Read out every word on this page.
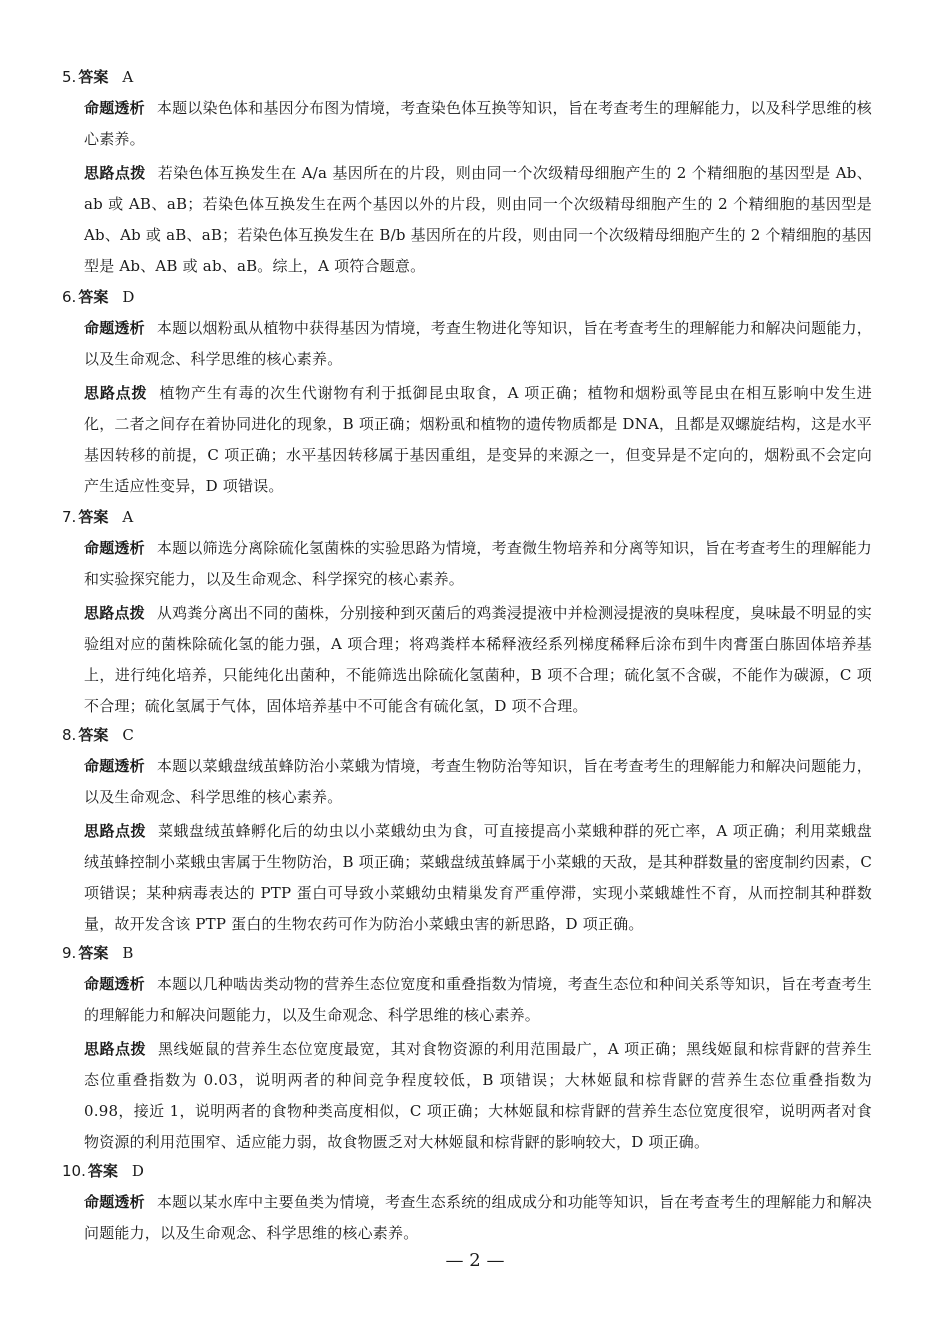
5. 答案 A
命题透析 本题以染色体和基因分布图为情境，考查染色体互换等知识，旨在考查考生的理解能力，以及科学思维的核心素养。
思路点拨 若染色体互换发生在 A/a 基因所在的片段，则由同一个次级精母细胞产生的 2 个精细胞的基因型是 Ab、ab 或 AB、aB；若染色体互换发生在两个基因以外的片段，则由同一个次级精母细胞产生的 2 个精细胞的基因型是 Ab、Ab 或 aB、aB；若染色体互换发生在 B/b 基因所在的片段，则由同一个次级精母细胞产生的 2 个精细胞的基因型是 Ab、AB 或 ab、aB。综上，A 项符合题意。
6. 答案 D
命题透析 本题以烟粉虱从植物中获得基因为情境，考查生物进化等知识，旨在考查考生的理解能力和解决问题能力，以及生命观念、科学思维的核心素养。
思路点拨 植物产生有毒的次生代谢物有利于抵御昆虫取食，A 项正确；植物和烟粉虱等昆虫在相互影响中发生进化，二者之间存在着协同进化的现象，B 项正确；烟粉虱和植物的遗传物质都是 DNA，且都是双螺旋结构，这是水平基因转移的前提，C 项正确；水平基因转移属于基因重组，是变异的来源之一，但变异是不定向的，烟粉虱不会定向产生适应性变异，D 项错误。
7. 答案 A
命题透析 本题以筛选分离除硫化氢菌株的实验思路为情境，考查微生物培养和分离等知识，旨在考查考生的理解能力和实验探究能力，以及生命观念、科学探究的核心素养。
思路点拨 从鸡粪分离出不同的菌株，分别接种到灭菌后的鸡粪浸提液中并检测浸提液的臭味程度，臭味最不明显的实验组对应的菌株除硫化氢的能力强，A 项合理；将鸡粪样本稀释液经系列梯度稀释后涂布到牛肉膏蛋白胨固体培养基上，进行纯化培养，只能纯化出菌种，不能筛选出除硫化氢菌种，B 项不合理；硫化氢不含碳，不能作为碳源，C 项不合理；硫化氢属于气体，固体培养基中不可能含有硫化氢，D 项不合理。
8. 答案 C
命题透析 本题以菜蛾盘绒茧蜂防治小菜蛾为情境，考查生物防治等知识，旨在考查考生的理解能力和解决问题能力，以及生命观念、科学思维的核心素养。
思路点拨 菜蛾盘绒茧蜂孵化后的幼虫以小菜蛾幼虫为食，可直接提高小菜蛾种群的死亡率，A 项正确；利用菜蛾盘绒茧蜂控制小菜蛾虫害属于生物防治，B 项正确；菜蛾盘绒茧蜂属于小菜蛾的天敌，是其种群数量的密度制约因素，C 项错误；某种病毒表达的 PTP 蛋白可导致小菜蛾幼虫精巢发育严重停滞，实现小菜蛾雄性不育，从而控制其种群数量，故开发含该 PTP 蛋白的生物农药可作为防治小菜蛾虫害的新思路，D 项正确。
9. 答案 B
命题透析 本题以几种啮齿类动物的营养生态位宽度和重叠指数为情境，考查生态位和种间关系等知识，旨在考查考生的理解能力和解决问题能力，以及生命观念、科学思维的核心素养。
思路点拨 黑线姬鼠的营养生态位宽度最宽，其对食物资源的利用范围最广，A 项正确；黑线姬鼠和棕背䶄的营养生态位重叠指数为 0.03，说明两者的种间竞争程度较低，B 项错误；大林姬鼠和棕背䶄的营养生态位重叠指数为 0.98，接近 1，说明两者的食物种类高度相似，C 项正确；大林姬鼠和棕背䶄的营养生态位宽度很窄，说明两者对食物资源的利用范围窄、适应能力弱，故食物匮乏对大林姬鼠和棕背䶄的影响较大，D 项正确。
10. 答案 D
命题透析 本题以某水库中主要鱼类为情境，考查生态系统的组成成分和功能等知识，旨在考查考生的理解能力和解决问题能力，以及生命观念、科学思维的核心素养。
— 2 —
